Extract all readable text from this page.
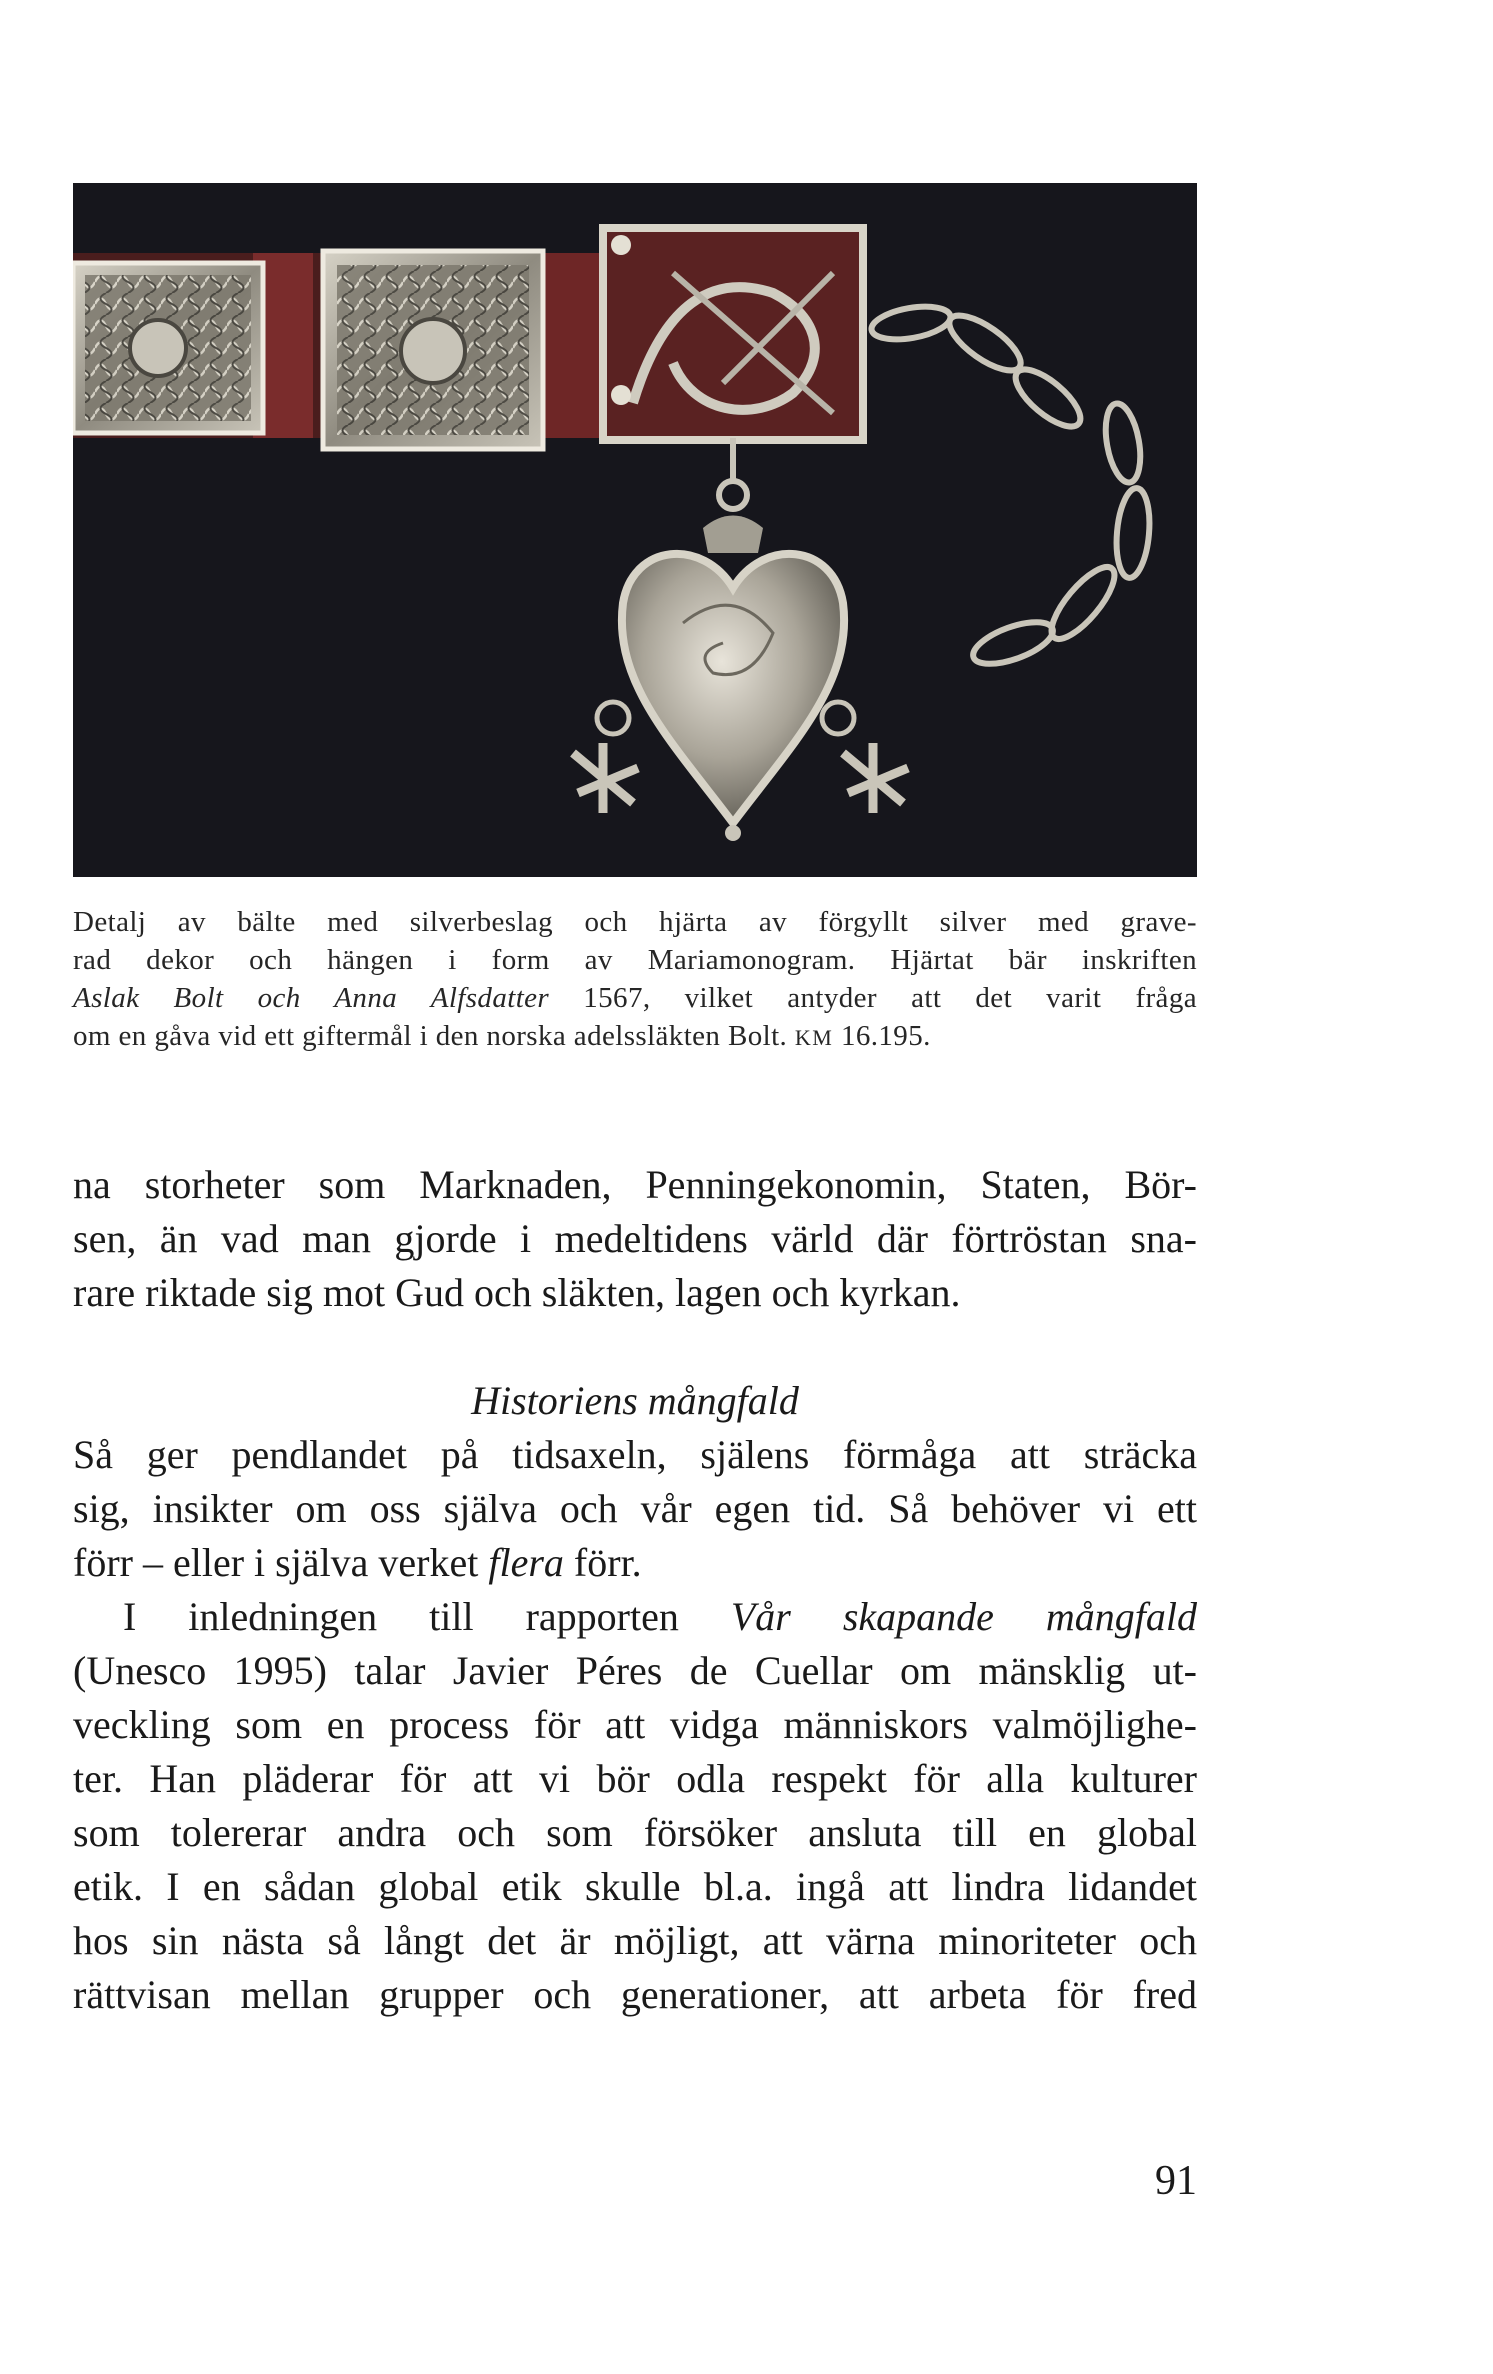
Detalj av bälte med silverbeslag och hjärta av förgyllt silver med grave-
rad dekor och hängen i form av Mariamonogram. Hjärtat bär inskriften
Aslak Bolt och Anna Alfsdatter 1567, vilket antyder att det varit fråga
om en gåva vid ett giftermål i den norska adelssläkten Bolt. KM 16.195.
na storheter som Marknaden, Penningekonomin, Staten, Bör-
sen, än vad man gjorde i medeltidens värld där förtröstan sna-
rare riktade sig mot Gud och släkten, lagen och kyrkan.
Historiens mångfald
Så ger pendlandet på tidsaxeln, själens förmåga att sträcka
sig, insikter om oss själva och vår egen tid. Så behöver vi ett
förr – eller i själva verket flera förr.
I inledningen till rapporten Vår skapande mångfald
(Unesco 1995) talar Javier Péres de Cuellar om mänsklig ut-
veckling som en process för att vidga människors valmöjlighe-
ter. Han pläderar för att vi bör odla respekt för alla kulturer
som tolererar andra och som försöker ansluta till en global
etik. I en sådan global etik skulle bl.a. ingå att lindra lidandet
hos sin nästa så långt det är möjligt, att värna minoriteter och
rättvisan mellan grupper och generationer, att arbeta för fred
91
